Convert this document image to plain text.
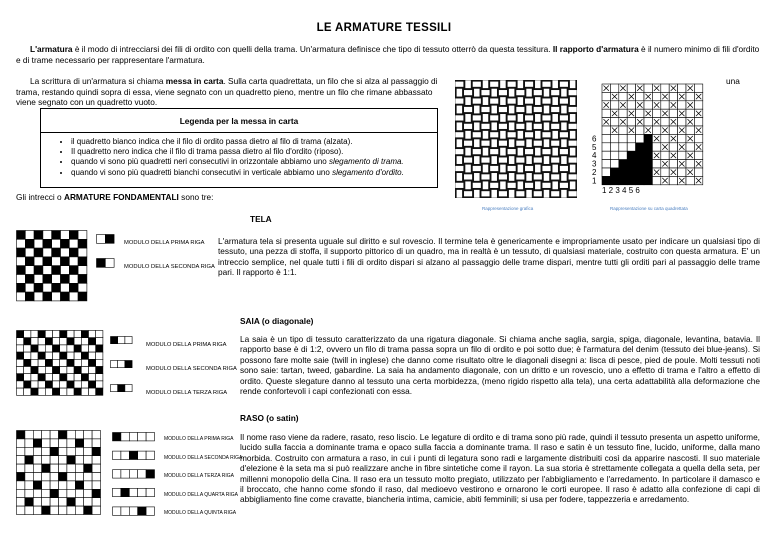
LE ARMATURE TESSILI
L'armatura è il modo di intrecciarsi dei fili di ordito con quelli della trama. Un'armatura definisce che tipo di tessuto otterrò da questa tessitura. Il rapporto d'armatura è il numero minimo di fili d'ordito e di trame necessario per rappresentare l'armatura.
La scrittura di un'armatura si chiama messa in carta. Sulla carta quadrettata, un filo che si alza al passaggio di trama, restando quindi sopra di essa, viene segnato con un quadretto pieno, mentre un filo che rimane abbassato viene segnato con un quadretto vuoto.
una
Legenda per la messa in carta
• il quadretto bianco indica che il filo di ordito passa dietro al filo di trama (alzata).
• Il quadretto nero indica che il filo di trama passa dietro al filo d'ordito (riposo).
• quando vi sono più quadretti neri consecutivi in orizzontale abbiamo uno slegamento di trama.
• quando vi sono più quadretti bianchi consecutivi in verticale abbiamo uno slegamento d'ordito.
Gli intrecci o ARMATURE FONDAMENTALI sono tre:
Rappresentazione grafica
6
5
4
3
2
1
1 2 3 4 5 6
Rappresentazione su carta quadrettata
TELA
MODULO DELLA PRIMA RIGA
MODULO DELLA SECONDA RIGA
L'armatura tela si presenta uguale sul diritto e sul rovescio. Il termine tela è genericamente e impropriamente usato per indicare un qualsiasi tipo di tessuto, una pezza di stoffa, il supporto pittorico di un quadro, ma in realtà è un tessuto, di qualsiasi materiale, costruito con questa armatura. E' un intreccio semplice, nel quale tutti i fili di ordito dispari si alzano al passaggio delle trame dispari, mentre tutti gli orditi pari al passaggio delle trame pari. Il rapporto è 1:1.
SAIA (o diagonale)
MODULO DELLA PRIMA RIGA
MODULO DELLA SECONDA RIGA
MODULO DELLA TERZA RIGA
La saia è un tipo di tessuto caratterizzato da una rigatura diagonale. Si chiama anche saglia, sargia, spiga, diagonale, levantina, batavia. Il rapporto base è di 1:2, ovvero un filo di trama passa sopra un filo di ordito e poi sotto due; è l'armatura del denim (tessuto dei blue-jeans). Si possono fare molte saie (twill in inglese) che danno come risultato oltre le diagonali disegni a: lisca di pesce, pied de poule. Molti tessuti noti sono saie: tartan, tweed, gabardine. La saia ha andamento diagonale, con un dritto e un rovescio, uno a effetto di trama e l'altro a effetto di ordito. Queste slegature danno al tessuto una certa morbidezza, (meno rigido rispetto alla tela), una certa adattabilità alla deformazione che rende confortevoli i capi confezionati con essa.
RASO (o satin)
MODULO DELLA PRIMA RIGA
MODULO DELLA SECONDA RIGA
MODULO DELLA TERZA RIGA
MODULO DELLA QUARTA RIGA
MODULO DELLA QUINTA RIGA
Il nome raso viene da radere, rasato, reso liscio. Le legature di ordito e di trama sono più rade, quindi il tessuto presenta un aspetto uniforme, lucido sulla faccia a dominante trama e opaco sulla faccia a dominante trama. Il raso e satin è un tessuto fine, lucido, uniforme, dalla mano morbida. Costruito con armatura a raso, in cui i punti di legatura sono radi e largamente distribuiti così da apparire nascosti. Il suo materiale d'elezione è la seta ma si può realizzare anche in fibre sintetiche come il rayon. La sua storia è strettamente collegata a quella della seta, per millenni monopolio della Cina. Il raso era un tessuto molto pregiato, utilizzato per l'abbigliamento e l'arredamento. In particolare il damasco e il broccato, che hanno come sfondo il raso, dal medioevo vestirono e ornarono le corti europee. Il raso è adatto alla confezione di capi di abbigliamento fine come cravatte, biancheria intima, camicie, abiti femminili; si usa per fodere, tappezzeria e arredamento.
